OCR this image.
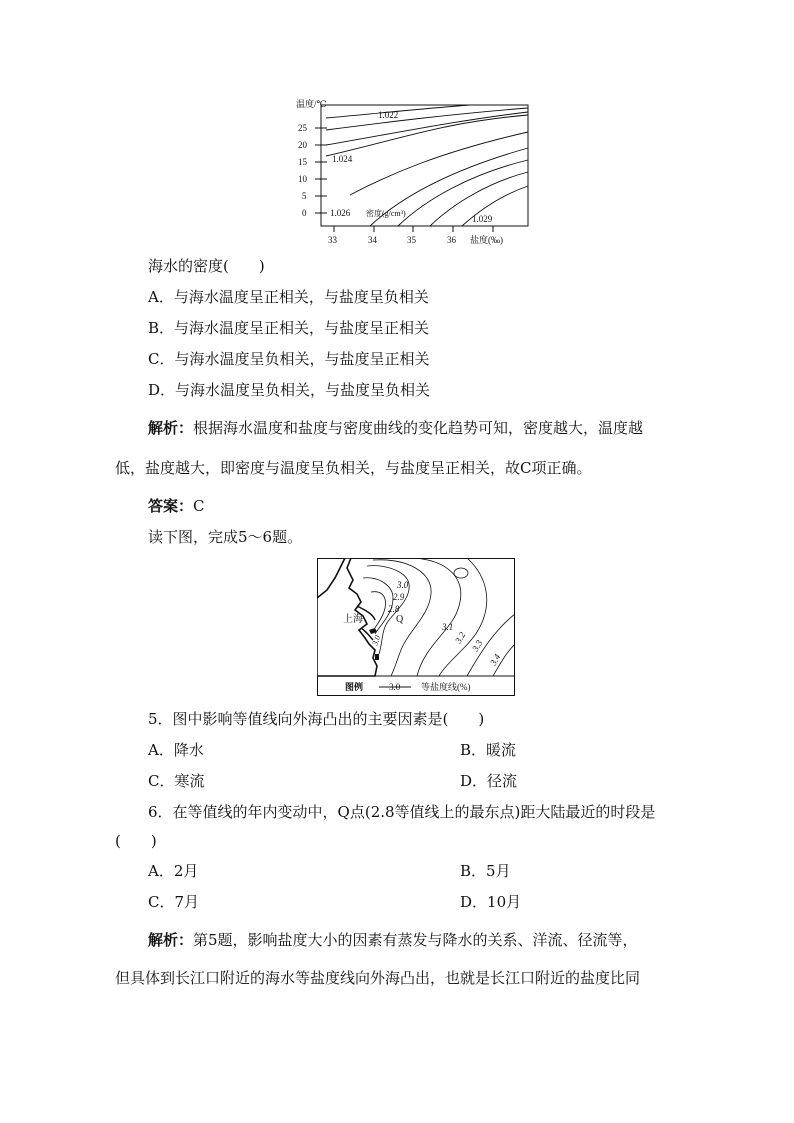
温度/℃
25
20
15
10
5
0
33	34	35	36 盐度(‰)
1.022
1.024
1.026
1.029
密度(g/cm³)
海水的密度(　　)
A．与海水温度呈正相关，与盐度呈负相关
B．与海水温度呈正相关，与盐度呈正相关
C．与海水温度呈负相关，与盐度呈正相关
D．与海水温度呈负相关，与盐度呈负相关
解析：根据海水温度和盐度与密度曲线的变化趋势可知，密度越大，温度越
低，盐度越大，即密度与温度呈负相关，与盐度呈正相关，故C项正确。
答案：C
读下图，完成5～6题。
3.0
2.9
2.8
上海	Q
3.0
3.1
3.2
3.3
3.4
图例	3.0 等盐度线(%)
5．图中影响等值线向外海凸出的主要因素是(　　)
A．降水	B．暖流
C．寒流	D．径流
6．在等值线的年内变动中，Q点(2.8等值线上的最东点)距大陆最近的时段是
(　　)
A．2月	B．5月
C．7月	D．10月
解析：第5题，影响盐度大小的因素有蒸发与降水的关系、洋流、径流等，
但具体到长江口附近的海水等盐度线向外海凸出，也就是长江口附近的盐度比同
